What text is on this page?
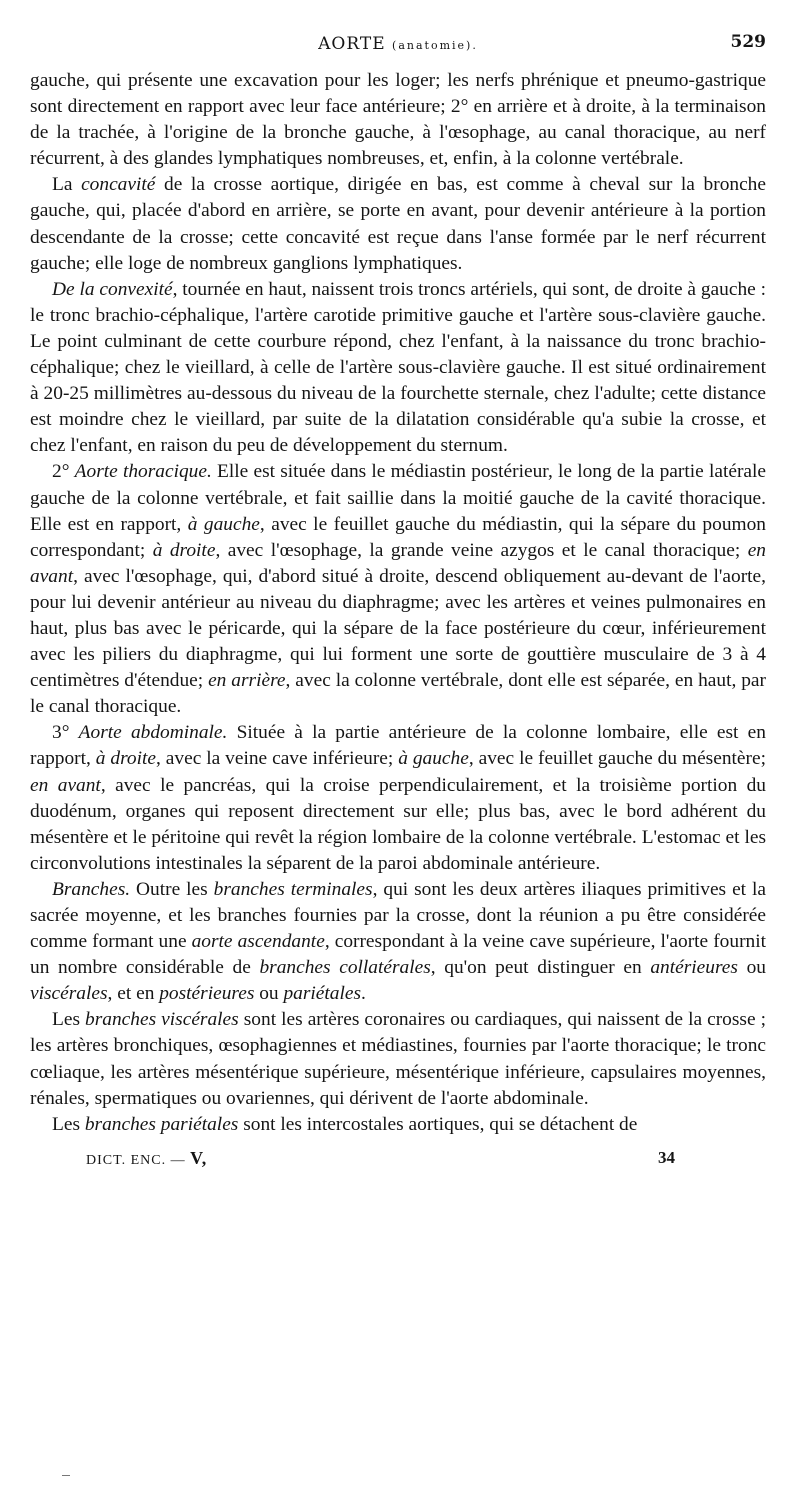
AORTE (anatomie).	529

gauche, qui présente une excavation pour les loger; les nerfs phrénique et pneumo-gastrique sont directement en rapport avec leur face antérieure; 2° en arrière et à droite, à la terminaison de la trachée, à l'origine de la bronche gauche, à l'œsophage, au canal thoracique, au nerf récurrent, à des glandes lymphatiques nombreuses, et, enfin, à la colonne vertébrale.

La concavité de la crosse aortique, dirigée en bas, est comme à cheval sur la bronche gauche, qui, placée d'abord en arrière, se porte en avant, pour devenir antérieure à la portion descendante de la crosse; cette concavité est reçue dans l'anse formée par le nerf récurrent gauche; elle loge de nombreux ganglions lymphatiques.

De la convexité, tournée en haut, naissent trois troncs artériels, qui sont, de droite à gauche : le tronc brachio-céphalique, l'artère carotide primitive gauche et l'artère sous-clavière gauche. Le point culminant de cette courbure répond, chez l'enfant, à la naissance du tronc brachio-céphalique; chez le vieillard, à celle de l'artère sous-clavière gauche. Il est situé ordinairement à 20-25 millimètres au-dessous du niveau de la fourchette sternale, chez l'adulte; cette distance est moindre chez le vieillard, par suite de la dilatation considérable qu'a subie la crosse, et chez l'enfant, en raison du peu de développement du sternum.

2° Aorte thoracique. Elle est située dans le médiastin postérieur, le long de la partie latérale gauche de la colonne vertébrale, et fait saillie dans la moitié gauche de la cavité thoracique. Elle est en rapport, à gauche, avec le feuillet gauche du médiastin, qui la sépare du poumon correspondant; à droite, avec l'œsophage, la grande veine azygos et le canal thoracique; en avant, avec l'œsophage, qui, d'abord situé à droite, descend obliquement au-devant de l'aorte, pour lui devenir antérieur au niveau du diaphragme; avec les artères et veines pulmonaires en haut, plus bas avec le péricarde, qui la sépare de la face postérieure du cœur, inférieurement avec les piliers du diaphragme, qui lui forment une sorte de gouttière musculaire de 3 à 4 centimètres d'étendue; en arrière, avec la colonne vertébrale, dont elle est séparée, en haut, par le canal thoracique.

3° Aorte abdominale. Située à la partie antérieure de la colonne lombaire, elle est en rapport, à droite, avec la veine cave inférieure; à gauche, avec le feuillet gauche du mésentère; en avant, avec le pancréas, qui la croise perpendiculairement, et la troisième portion du duodénum, organes qui reposent directement sur elle; plus bas, avec le bord adhérent du mésentère et le péritoine qui revêt la région lombaire de la colonne vertébrale. L'estomac et les circonvolutions intestinales la séparent de la paroi abdominale antérieure.

Branches. Outre les branches terminales, qui sont les deux artères iliaques primitives et la sacrée moyenne, et les branches fournies par la crosse, dont la réunion a pu être considérée comme formant une aorte ascendante, correspondant à la veine cave supérieure, l'aorte fournit un nombre considérable de branches collatérales, qu'on peut distinguer en antérieures ou viscérales, et en postérieures ou pariétales.

Les branches viscérales sont les artères coronaires ou cardiaques, qui naissent de la crosse ; les artères bronchiques, œsophagiennes et médiastines, fournies par l'aorte thoracique; le tronc cœliaque, les artères mésentérique supérieure, mésentérique inférieure, capsulaires moyennes, rénales, spermatiques ou ovariennes, qui dérivent de l'aorte abdominale.

Les branches pariétales sont les intercostales aortiques, qui se détachent de

DICT. ENC. — V,	34
